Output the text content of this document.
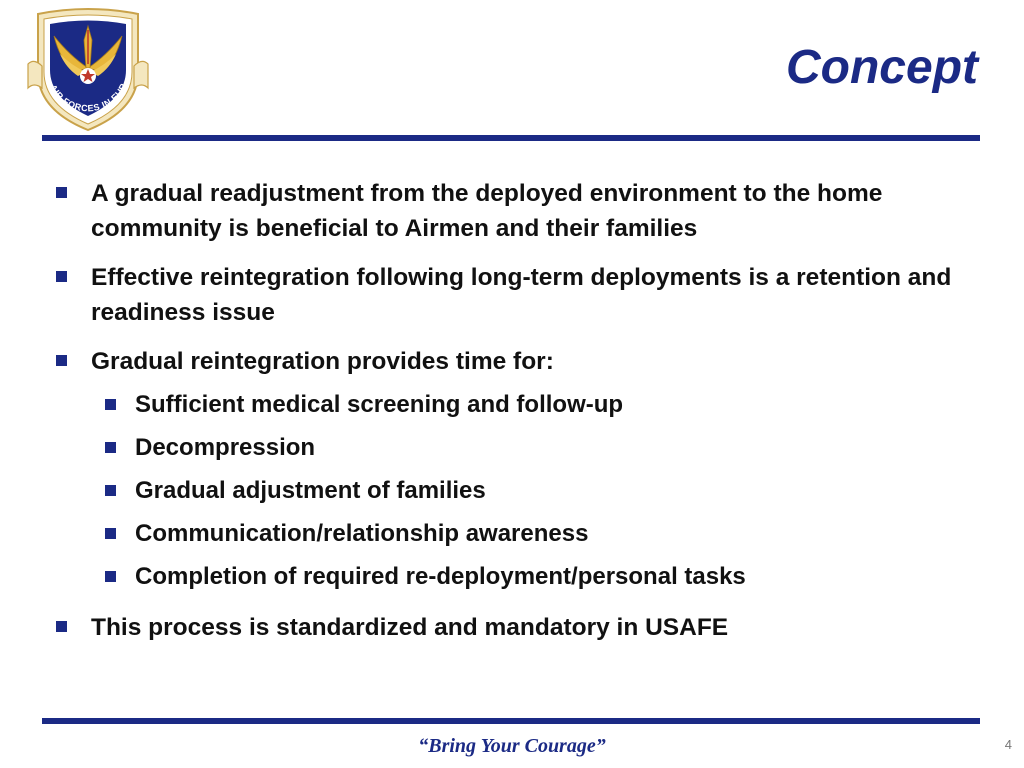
. AIR FORCES IN EUR	Concept
A gradual readjustment from the deployed environment to the home community is beneficial to Airmen and their families
Effective reintegration following long-term deployments is a retention and readiness issue
Gradual reintegration provides time for:
Sufficient medical screening and follow-up
Decompression
Gradual adjustment of families
Communication/relationship awareness
Completion of required re-deployment/personal tasks
This process is standardized and mandatory in USAFE
“Bring Your Courage”	4
